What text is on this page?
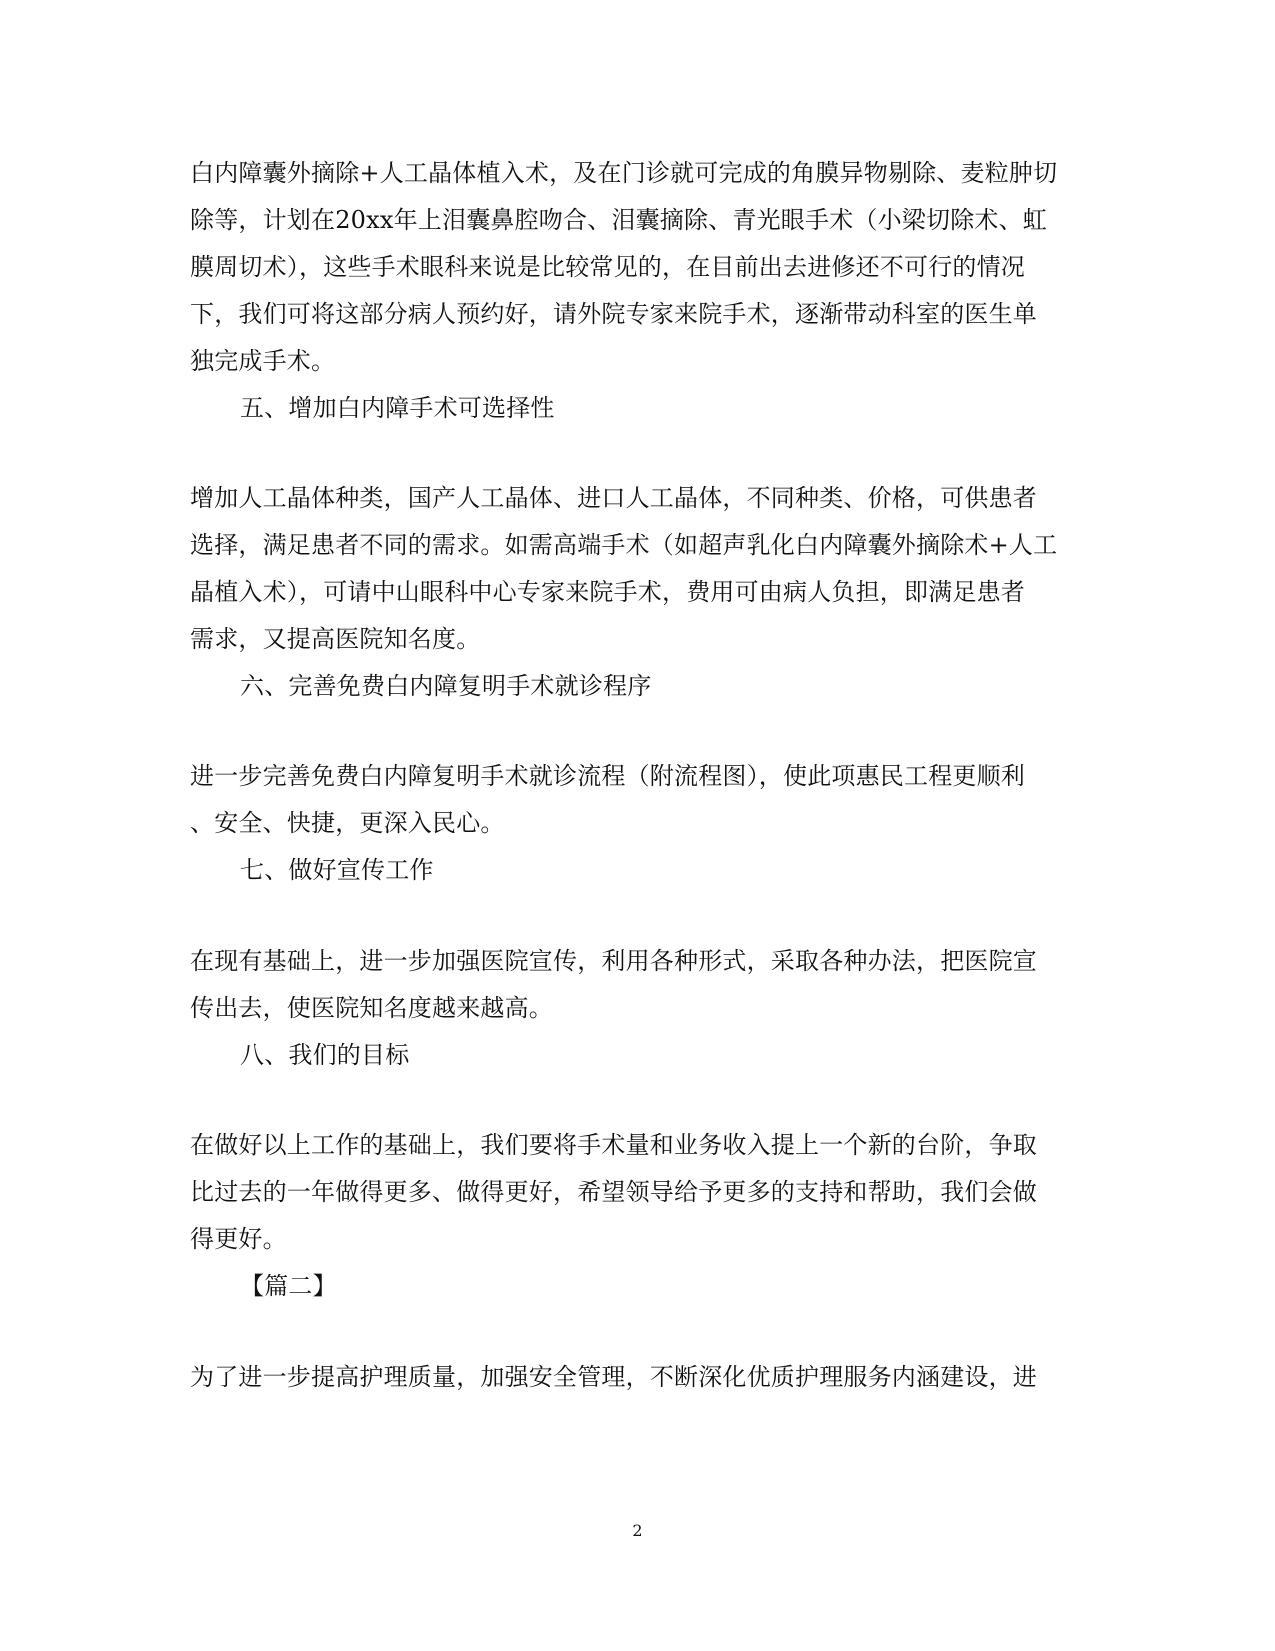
白内障囊外摘除+人工晶体植入术，及在门诊就可完成的角膜异物剔除、麦粒肿切
除等，计划在20xx年上泪囊鼻腔吻合、泪囊摘除、青光眼手术（小梁切除术、虹
膜周切术），这些手术眼科来说是比较常见的，在目前出去进修还不可行的情况
下，我们可将这部分病人预约好，请外院专家来院手术，逐渐带动科室的医生单
独完成手术。
五、增加白内障手术可选择性
增加人工晶体种类，国产人工晶体、进口人工晶体，不同种类、价格，可供患者
选择，满足患者不同的需求。如需高端手术（如超声乳化白内障囊外摘除术+人工
晶植入术），可请中山眼科中心专家来院手术，费用可由病人负担，即满足患者
需求，又提高医院知名度。
六、完善免费白内障复明手术就诊程序
进一步完善免费白内障复明手术就诊流程（附流程图），使此项惠民工程更顺利
、安全、快捷，更深入民心。
七、做好宣传工作
在现有基础上，进一步加强医院宣传，利用各种形式，采取各种办法，把医院宣
传出去，使医院知名度越来越高。
八、我们的目标
在做好以上工作的基础上，我们要将手术量和业务收入提上一个新的台阶，争取
比过去的一年做得更多、做得更好，希望领导给予更多的支持和帮助，我们会做
得更好。
【篇二】
为了进一步提高护理质量，加强安全管理，不断深化优质护理服务内涵建设，进
2
